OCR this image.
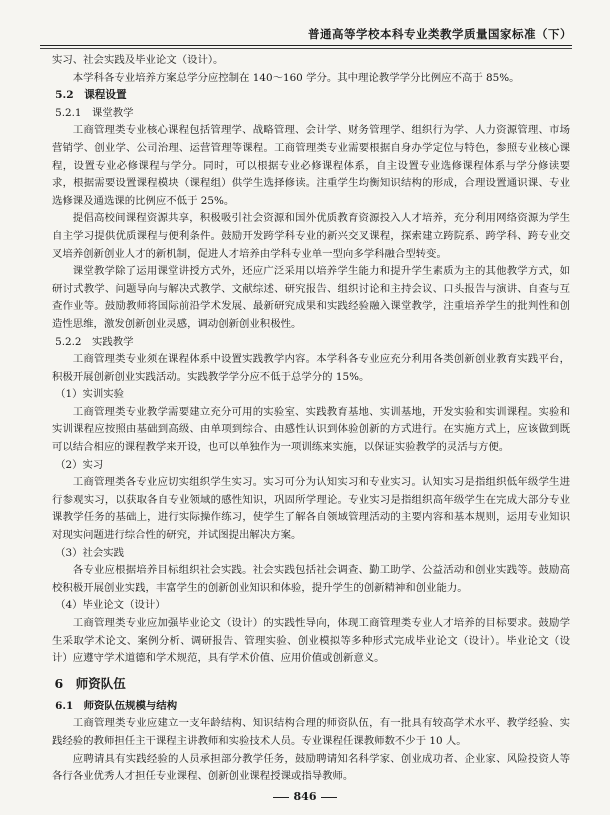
普通高等学校本科专业类教学质量国家标准（下）

实习、社会实践及毕业论文（设计）。

本学科各专业培养方案总学分应控制在 140～160 学分。其中理论教学学分比例应不高于 85%。

5.2　课程设置
5.2.1　课堂教学

工商管理类专业核心课程包括管理学、战略管理、会计学、财务管理学、组织行为学、人力资源管理、市场营销学、创业学、公司治理、运营管理等课程。工商管理类专业需要根据自身办学定位与特色，参照专业核心课程，设置专业必修课程与学分。同时，可以根据专业必修课程体系，自主设置专业选修课程体系与学分修读要求，根据需要设置课程模块（课程组）供学生选择修读。注重学生均衡知识结构的形成，合理设置通识课、专业选修课及通选课的比例应不低于 25%。

提倡高校间课程资源共享，积极吸引社会资源和国外优质教育资源投入人才培养，充分利用网络资源为学生自主学习提供优质课程与便利条件。鼓励开发跨学科专业的新兴交叉课程，探索建立跨院系、跨学科、跨专业交叉培养创新创业人才的新机制，促进人才培养由学科专业单一型向多学科融合型转变。

课堂教学除了运用课堂讲授方式外，还应广泛采用以培养学生能力和提升学生素质为主的其他教学方式，如研讨式教学、问题导向与解决式教学、文献综述、研究报告、组织讨论和主持会议、口头报告与演讲、自查与互查作业等。鼓励教师将国际前沿学术发展、最新研究成果和实践经验融入课堂教学，注重培养学生的批判性和创造性思维，激发创新创业灵感，调动创新创业积极性。

5.2.2　实践教学

工商管理类专业须在课程体系中设置实践教学内容。本学科各专业应充分利用各类创新创业教育实践平台，积极开展创新创业实践活动。实践教学学分应不低于总学分的 15%。

（1）实训实验

工商管理类专业教学需要建立充分可用的实验室、实践教育基地、实训基地，开发实验和实训课程。实验和实训课程应按照由基础到高级、由单项到综合、由感性认识到体验创新的方式进行。在实施方式上，应该做到既可以结合相应的课程教学来开设，也可以单独作为一项训练来实施，以保证实验教学的灵活与方便。

（2）实习

工商管理类各专业应切实组织学生实习。实习可分为认知实习和专业实习。认知实习是指组织低年级学生进行参观实习，以获取各自专业领域的感性知识，巩固所学理论。专业实习是指组织高年级学生在完成大部分专业课教学任务的基础上，进行实际操作练习，使学生了解各自领域管理活动的主要内容和基本规则，运用专业知识对现实问题进行综合性的研究，并试图提出解决方案。

（3）社会实践

各专业应根据培养目标组织社会实践。社会实践包括社会调查、勤工助学、公益活动和创业实践等。鼓励高校积极开展创业实践，丰富学生的创新创业知识和体验，提升学生的创新精神和创业能力。

（4）毕业论文（设计）

工商管理类专业应加强毕业论文（设计）的实践性导向，体现工商管理类专业人才培养的目标要求。鼓励学生采取学术论文、案例分析、调研报告、管理实验、创业模拟等多种形式完成毕业论文（设计）。毕业论文（设计）应遵守学术道德和学术规范，具有学术价值、应用价值或创新意义。

6　师资队伍
6.1　师资队伍规模与结构

工商管理类专业应建立一支年龄结构、知识结构合理的师资队伍，有一批具有较高学术水平、教学经验、实践经验的教师担任主干课程主讲教师和实验技术人员。专业课程任课教师数不少于 10 人。

应聘请具有实践经验的人员承担部分教学任务，鼓励聘请知名科学家、创业成功者、企业家、风险投资人等各行各业优秀人才担任专业课程、创新创业课程授课或指导教师。

846
